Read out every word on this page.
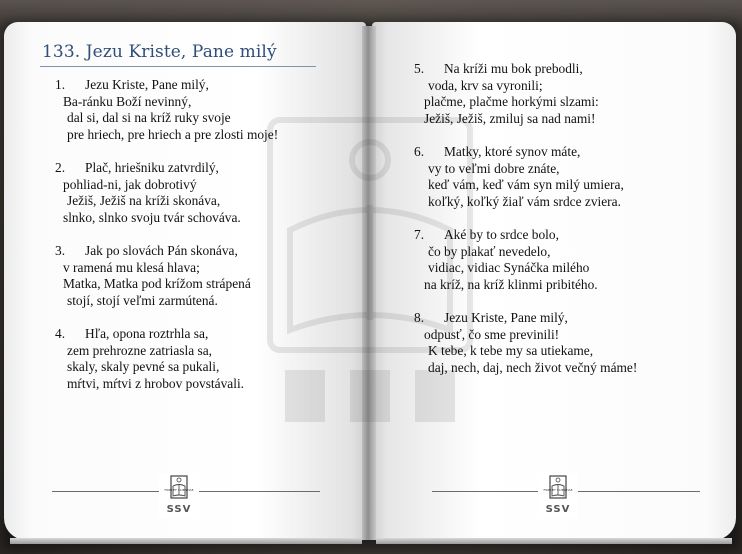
133. Jezu Kriste, Pane milý
1. Jezu Kriste, Pane milý,
Ba-ránku Boží nevinný,
dal si, dal si na kríž ruky svoje
pre hriech, pre hriech a pre zlosti moje!
2. Plač, hriešniku zatvrdilý,
pohliad-ni, jak dobrotivý
Ježiš, Ježiš na kríži skonáva,
slnko, slnko svoju tvár schováva.
3. Jak po slovách Pán skonáva,
v ramená mu klesá hlava;
Matka, Matka pod krížom strápená
stojí, stojí veľmi zarmútená.
4. Hľa, opona roztrhla sa,
zem prehrozne zatriasla sa,
skaly, skaly pevné sa pukali,
mŕtvi, mŕtvi z hrobov povstávali.
5. Na kríži mu bok prebodli,
voda, krv sa vyronili;
plačme, plačme horkými slzami:
Ježiš, Ježiš, zmiluj sa nad nami!
6. Matky, ktoré synov máte,
vy to veľmi dobre znáte,
keď vám, keď vám syn milý umiera,
koľký, koľký žiaľ vám srdce zviera.
7. Aké by to srdce bolo,
čo by plakať nevedelo,
vidiac, vidiac Synáčka milého
na kríž, na kríž klinmi pribitého.
8. Jezu Kriste, Pane milý,
odpusť, čo sme previnili!
K tebe, k tebe my sa utiekame,
daj, nech, daj, nech život večný máme!
FIDEI ET SCIENTIAE
SSV
FIDEI ET SCIENTIAE
SSV
